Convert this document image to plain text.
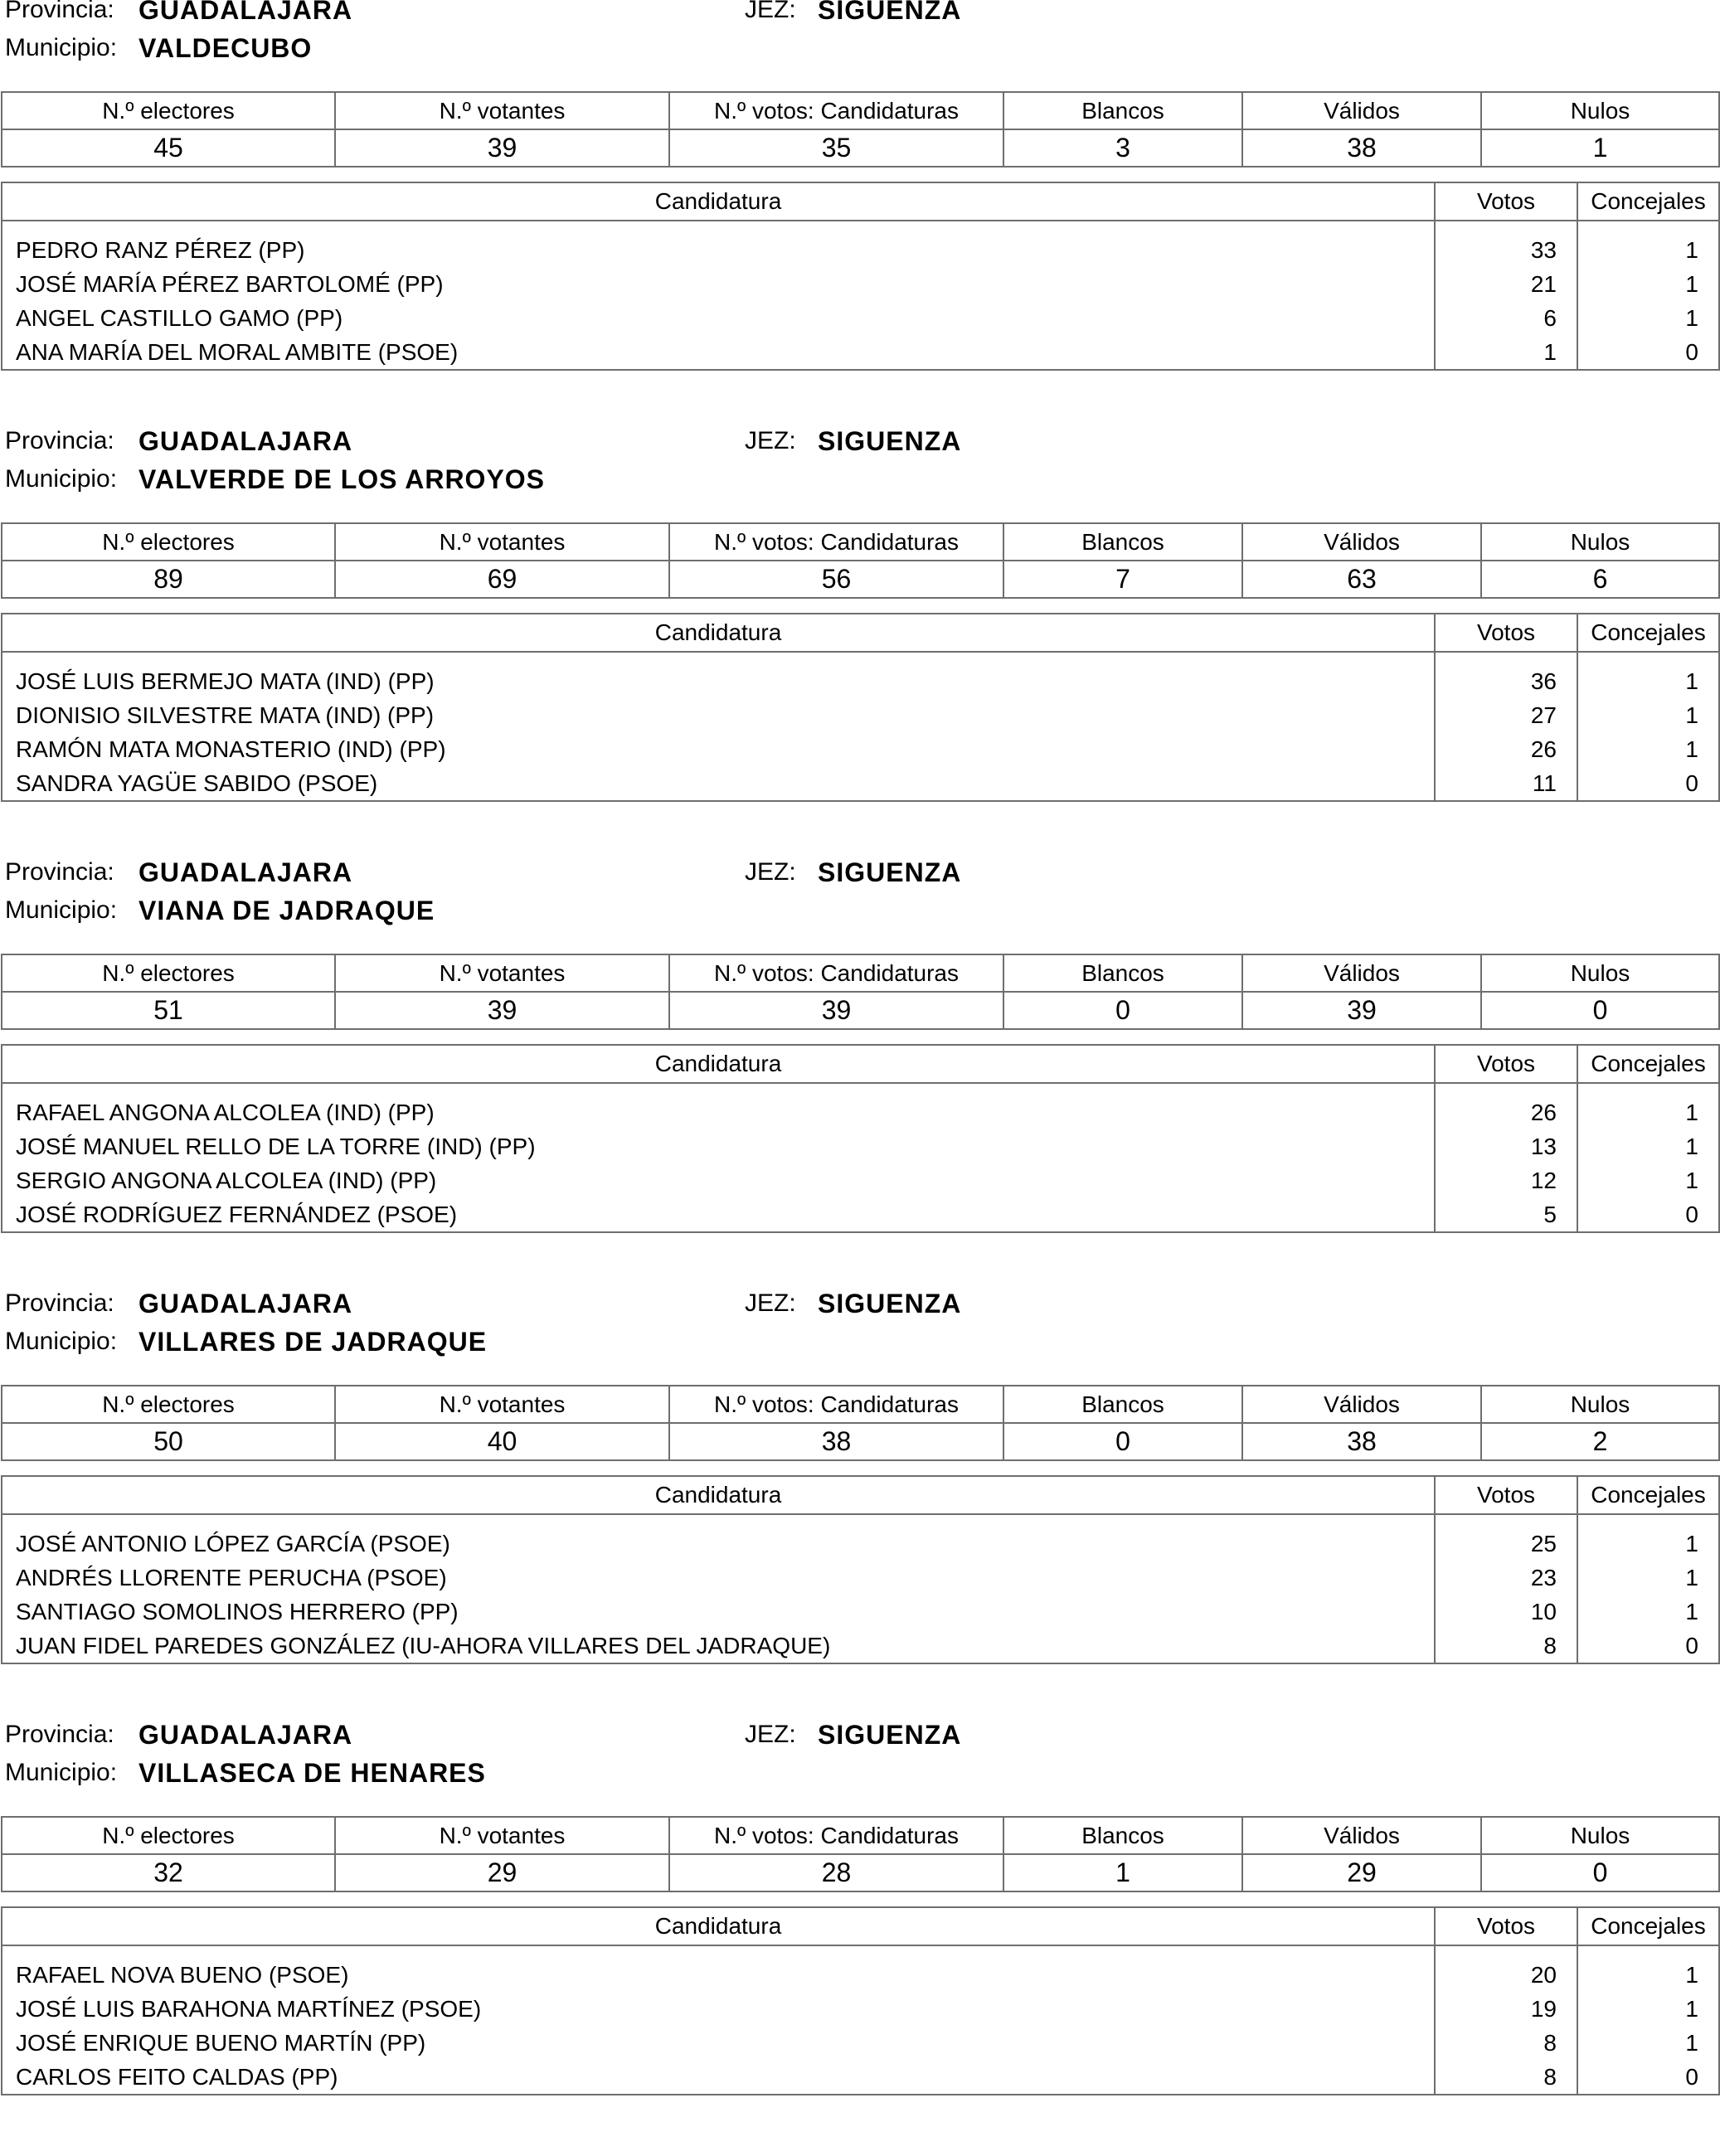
Provincia: GUADALAJARA	JEZ: SIGUENZA
Municipio: VALDECUBO
N.º electores	N.º votantes	N.º votos: Candidaturas	Blancos	Válidos	Nulos
45	39	35	3	38	1
Candidatura	Votos	Concejales
PEDRO RANZ PÉREZ (PP)	33	1
JOSÉ MARÍA PÉREZ BARTOLOMÉ (PP)	21	1
ANGEL CASTILLO GAMO (PP)	6	1
ANA MARÍA DEL MORAL AMBITE (PSOE)	1	0
Provincia: GUADALAJARA	JEZ: SIGUENZA
Municipio: VALVERDE DE LOS ARROYOS
N.º electores	N.º votantes	N.º votos: Candidaturas	Blancos	Válidos	Nulos
89	69	56	7	63	6
Candidatura	Votos	Concejales
JOSÉ LUIS BERMEJO MATA (IND) (PP)	36	1
DIONISIO SILVESTRE MATA (IND) (PP)	27	1
RAMÓN MATA MONASTERIO (IND) (PP)	26	1
SANDRA YAGÜE SABIDO (PSOE)	11	0
Provincia: GUADALAJARA	JEZ: SIGUENZA
Municipio: VIANA DE JADRAQUE
N.º electores	N.º votantes	N.º votos: Candidaturas	Blancos	Válidos	Nulos
51	39	39	0	39	0
Candidatura	Votos	Concejales
RAFAEL ANGONA ALCOLEA (IND) (PP)	26	1
JOSÉ MANUEL RELLO DE LA TORRE (IND) (PP)	13	1
SERGIO ANGONA ALCOLEA (IND) (PP)	12	1
JOSÉ RODRÍGUEZ FERNÁNDEZ (PSOE)	5	0
Provincia: GUADALAJARA	JEZ: SIGUENZA
Municipio: VILLARES DE JADRAQUE
N.º electores	N.º votantes	N.º votos: Candidaturas	Blancos	Válidos	Nulos
50	40	38	0	38	2
Candidatura	Votos	Concejales
JOSÉ ANTONIO LÓPEZ GARCÍA (PSOE)	25	1
ANDRÉS LLORENTE PERUCHA (PSOE)	23	1
SANTIAGO SOMOLINOS HERRERO (PP)	10	1
JUAN FIDEL PAREDES GONZÁLEZ (IU-AHORA VILLARES DEL JADRAQUE)	8	0
Provincia: GUADALAJARA	JEZ: SIGUENZA
Municipio: VILLASECA DE HENARES
N.º electores	N.º votantes	N.º votos: Candidaturas	Blancos	Válidos	Nulos
32	29	28	1	29	0
Candidatura	Votos	Concejales
RAFAEL NOVA BUENO (PSOE)	20	1
JOSÉ LUIS BARAHONA MARTÍNEZ (PSOE)	19	1
JOSÉ ENRIQUE BUENO MARTÍN (PP)	8	1
CARLOS FEITO CALDAS (PP)	8	0
